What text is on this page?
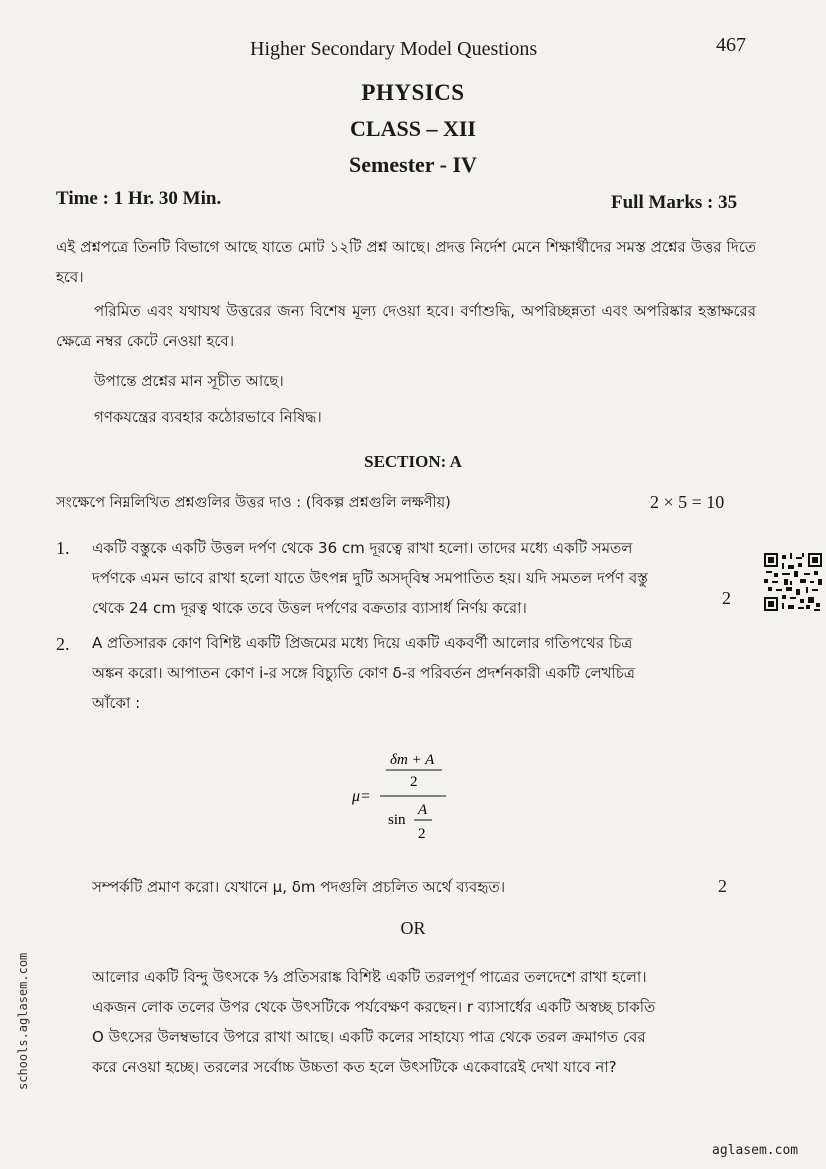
Higher Secondary Model Questions	467
PHYSICS
CLASS – XII
Semester - IV
Time : 1 Hr. 30 Min.	Full Marks : 35
এই প্রশ্নপত্রে তিনটি বিভাগে আছে যাতে মোট ১২টি প্রশ্ন আছে। প্রদত্ত নির্দেশ মেনে শিক্ষার্থীদের সমস্ত প্রশ্নের উত্তর দিতে হবে।
পরিমিত এবং যথাযথ উত্তরের জন্য বিশেষ মূল্য দেওয়া হবে। বর্ণাশুদ্ধি, অপরিচ্ছন্নতা এবং অপরিষ্কার হস্তাক্ষরের ক্ষেত্রে নম্বর কেটে নেওয়া হবে।
উপান্তে প্রশ্নের মান সূচীত আছে।
গণকযন্ত্রের ব্যবহার কঠোরভাবে নিষিদ্ধ।
SECTION: A
সংক্ষেপে নিম্নলিখিত প্রশ্নগুলির উত্তর দাও : (বিকল্প প্রশ্নগুলি লক্ষণীয়)	2 × 5 = 10
1. একটি বস্তুকে একটি উত্তল দর্পণ থেকে 36 cm দূরত্বে রাখা হলো। তাদের মধ্যে একটি সমতল
দর্পণকে এমন ভাবে রাখা হলো যাতে উৎপন্ন দুটি অসদ্‌বিম্ব সমপাতিত হয়। যদি সমতল দর্পণ বস্তু
থেকে 24 cm দূরত্ব থাকে তবে উত্তল দর্পণের বক্রতার ব্যাসার্ধ নির্ণয় করো।	2
2. A প্রতিসারক কোণ বিশিষ্ট একটি প্রিজমের মধ্যে দিয়ে একটি একবর্ণী আলোর গতিপথের চিত্র
অঙ্কন করো। আপাতন কোণ i-র সঙ্গে বিচ্যুতি কোণ δ-র পরিবর্তন প্রদর্শনকারী একটি লেখচিত্র
আঁকো :
μ=
δm + A
2
sin
A
2
সম্পর্কটি প্রমাণ করো। যেখানে μ, δm পদগুলি প্রচলিত অর্থে ব্যবহৃত।	2
OR
আলোর একটি বিন্দু উৎসকে ⁵⁄₃ প্রতিসরাঙ্ক বিশিষ্ট একটি তরলপূর্ণ পাত্রের তলদেশে রাখা হলো।
একজন লোক তলের উপর থেকে উৎসটিকে পর্যবেক্ষণ করছেন। r ব্যাসার্ধের একটি অস্বচ্ছ চাকতি
O উৎসের উলম্বভাবে উপরে রাখা আছে। একটি কলের সাহায্যে পাত্র থেকে তরল ক্রমাগত বের
করে নেওয়া হচ্ছে। তরলের সর্বোচ্চ উচ্চতা কত হলে উৎসটিকে একেবারেই দেখা যাবে না?
schools.aglasem.com
aglasem.com
